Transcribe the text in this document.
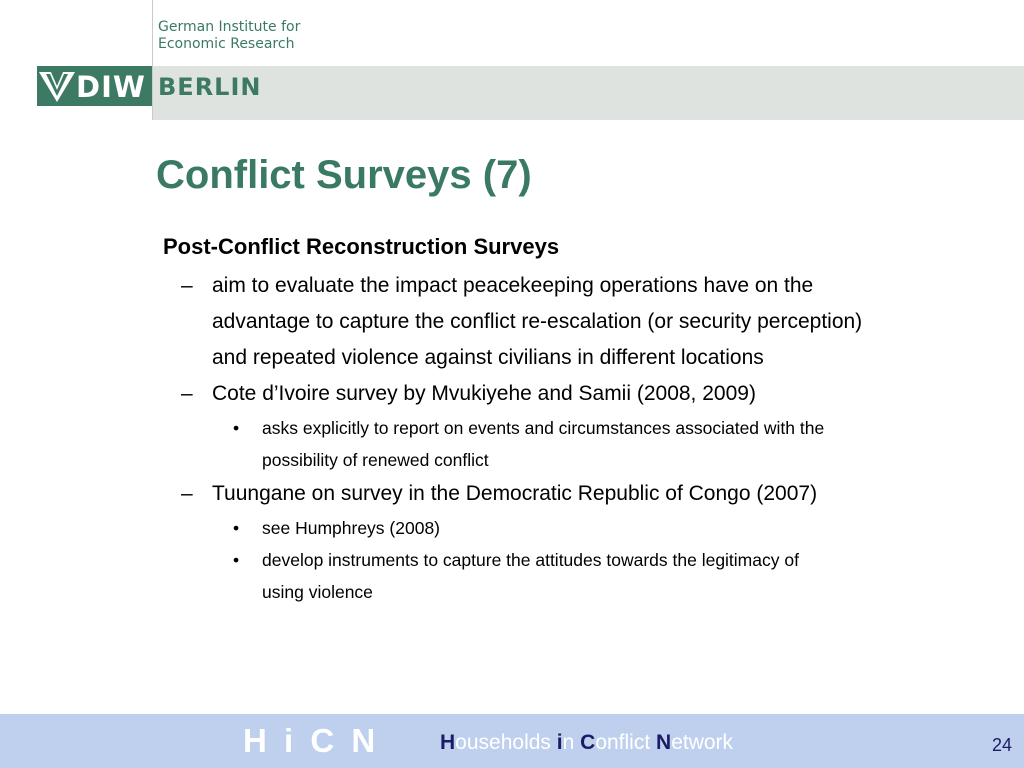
German Institute for
Economic Research
DIW BERLIN
Conflict Surveys (7)
Post-Conflict Reconstruction Surveys
– aim to evaluate the impact peacekeeping operations have on the
advantage to capture the conflict re-escalation (or security perception)
and repeated violence against civilians in different locations
– Cote d’Ivoire survey by Mvukiyehe and Samii (2008, 2009)
• asks explicitly to report on events and circumstances associated with the
possibility of renewed conflict
– Tuungane on survey in the Democratic Republic of Congo (2007)
• see Humphreys (2008)
• develop instruments to capture the attitudes towards the legitimacy of
using violence
H i C N	Households in Conflict Network	24
